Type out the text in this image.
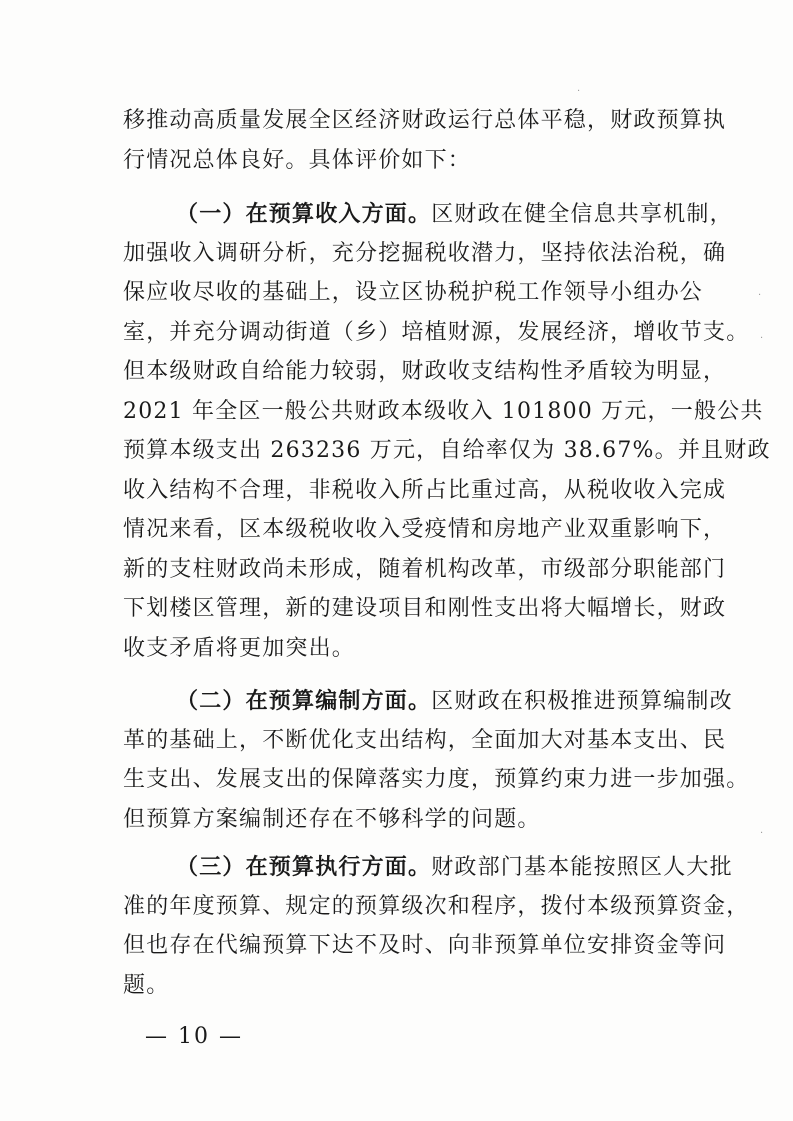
移推动高质量发展全区经济财政运行总体平稳，财政预算执
行情况总体良好。具体评价如下：
（一）在预算收入方面。区财政在健全信息共享机制，
加强收入调研分析，充分挖掘税收潜力，坚持依法治税，确
保应收尽收的基础上，设立区协税护税工作领导小组办公
室，并充分调动街道（乡）培植财源，发展经济，增收节支。
但本级财政自给能力较弱，财政收支结构性矛盾较为明显，
2021 年全区一般公共财政本级收入 101800 万元，一般公共
预算本级支出 263236 万元，自给率仅为 38.67%。并且财政
收入结构不合理，非税收入所占比重过高，从税收收入完成
情况来看，区本级税收收入受疫情和房地产业双重影响下，
新的支柱财政尚未形成，随着机构改革，市级部分职能部门
下划楼区管理，新的建设项目和刚性支出将大幅增长，财政
收支矛盾将更加突出。
（二）在预算编制方面。区财政在积极推进预算编制改
革的基础上，不断优化支出结构，全面加大对基本支出、民
生支出、发展支出的保障落实力度，预算约束力进一步加强。
但预算方案编制还存在不够科学的问题。
（三）在预算执行方面。财政部门基本能按照区人大批
准的年度预算、规定的预算级次和程序，拨付本级预算资金，
但也存在代编预算下达不及时、向非预算单位安排资金等问
题。
— 10 —
·
·
·
·
